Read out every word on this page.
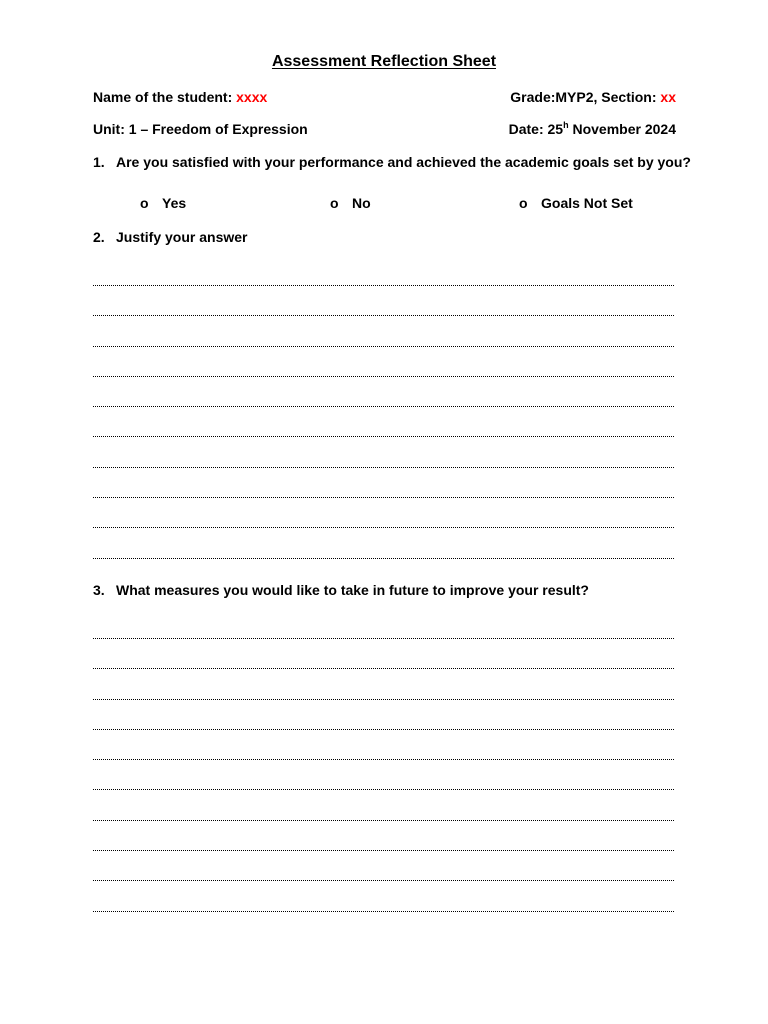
Assessment Reflection Sheet
Name of the student: xxxx	Grade:MYP2, Section: xx
Unit: 1 – Freedom of Expression	Date: 25$^h$ November 2024
1. Are you satisfied with your performance and achieved the academic goals set by you?
o Yes	o No	o Goals Not Set
2. Justify your answer
3. What measures you would like to take in future to improve your result?
